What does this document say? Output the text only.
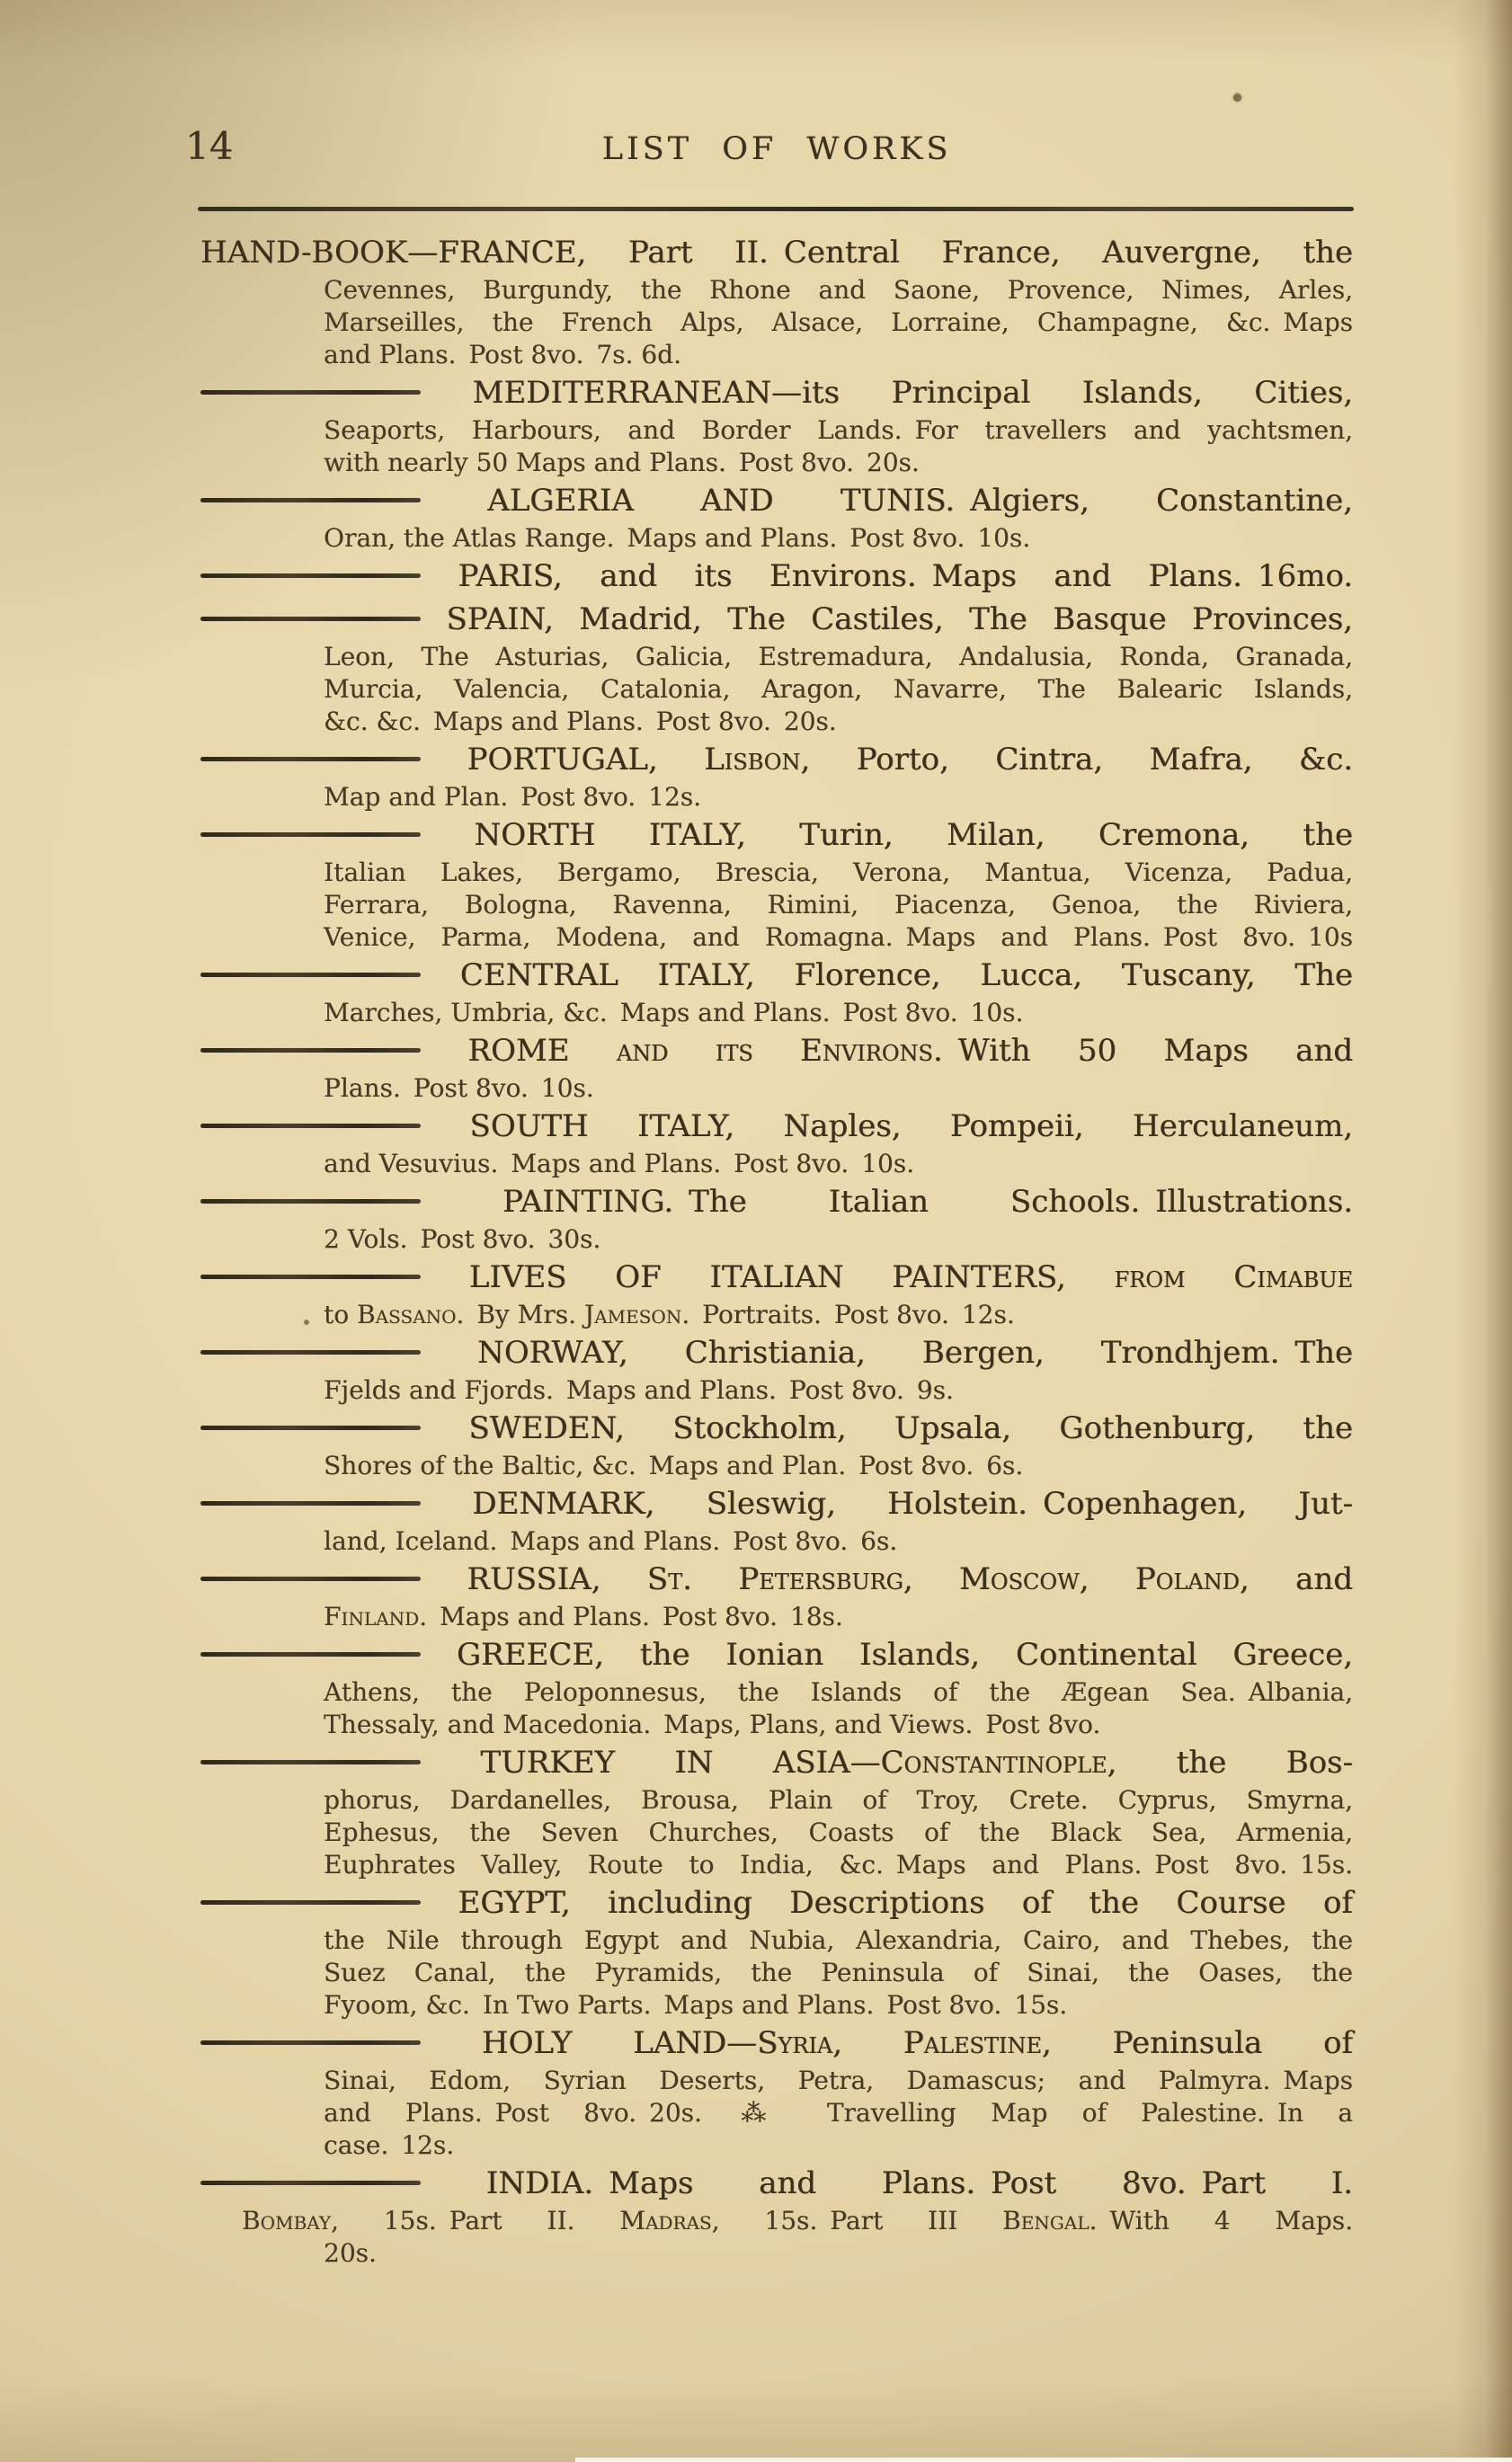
14	LIST OF WORKS
HAND-BOOK—FRANCE, Part II. Central France, Auvergne, the
Cevennes, Burgundy, the Rhone and Saone, Provence, Nimes, Arles,
Marseilles, the French Alps, Alsace, Lorraine, Champagne, &c. Maps
and Plans. Post 8vo. 7s. 6d.
MEDITERRANEAN—its Principal Islands, Cities,
Seaports, Harbours, and Border Lands. For travellers and yachtsmen,
with nearly 50 Maps and Plans. Post 8vo. 20s.
ALGERIA AND TUNIS. Algiers, Constantine,
Oran, the Atlas Range. Maps and Plans. Post 8vo. 10s.
PARIS, and its Environs. Maps and Plans. 16mo.
SPAIN, Madrid, The Castiles, The Basque Provinces,
Leon, The Asturias, Galicia, Estremadura, Andalusia, Ronda, Granada,
Murcia, Valencia, Catalonia, Aragon, Navarre, The Balearic Islands,
&c. &c. Maps and Plans. Post 8vo. 20s.
PORTUGAL, Lisbon, Porto, Cintra, Mafra, &c.
Map and Plan. Post 8vo. 12s.
NORTH ITALY, Turin, Milan, Cremona, the
Italian Lakes, Bergamo, Brescia, Verona, Mantua, Vicenza, Padua,
Ferrara, Bologna, Ravenna, Rimini, Piacenza, Genoa, the Riviera,
Venice, Parma, Modena, and Romagna. Maps and Plans. Post 8vo. 10s
CENTRAL ITALY, Florence, Lucca, Tuscany, The
Marches, Umbria, &c. Maps and Plans. Post 8vo. 10s.
ROME and its Environs. With 50 Maps and
Plans. Post 8vo. 10s.
SOUTH ITALY, Naples, Pompeii, Herculaneum,
and Vesuvius. Maps and Plans. Post 8vo. 10s.
PAINTING. The Italian Schools. Illustrations.
2 Vols. Post 8vo. 30s.
LIVES OF ITALIAN PAINTERS, from Cimabue
to Bassano. By Mrs. Jameson. Portraits. Post 8vo. 12s.
NORWAY, Christiania, Bergen, Trondhjem. The
Fjelds and Fjords. Maps and Plans. Post 8vo. 9s.
SWEDEN, Stockholm, Upsala, Gothenburg, the
Shores of the Baltic, &c. Maps and Plan. Post 8vo. 6s.
DENMARK, Sleswig, Holstein. Copenhagen, Jut-
land, Iceland. Maps and Plans. Post 8vo. 6s.
RUSSIA, St. Petersburg, Moscow, Poland, and
Finland. Maps and Plans. Post 8vo. 18s.
GREECE, the Ionian Islands, Continental Greece,
Athens, the Peloponnesus, the Islands of the Ægean Sea. Albania,
Thessaly, and Macedonia. Maps, Plans, and Views. Post 8vo.
TURKEY IN ASIA—Constantinople, the Bos-
phorus, Dardanelles, Brousa, Plain of Troy, Crete. Cyprus, Smyrna,
Ephesus, the Seven Churches, Coasts of the Black Sea, Armenia,
Euphrates Valley, Route to India, &c. Maps and Plans. Post 8vo. 15s.
EGYPT, including Descriptions of the Course of
the Nile through Egypt and Nubia, Alexandria, Cairo, and Thebes, the
Suez Canal, the Pyramids, the Peninsula of Sinai, the Oases, the
Fyoom, &c. In Two Parts. Maps and Plans. Post 8vo. 15s.
HOLY LAND—Syria, Palestine, Peninsula of
Sinai, Edom, Syrian Deserts, Petra, Damascus; and Palmyra. Maps
and Plans. Post 8vo. 20s. ⁂ Travelling Map of Palestine. In a
case. 12s.
INDIA. Maps and Plans. Post 8vo. Part I.
Bombay, 15s. Part II. Madras, 15s. Part III Bengal. With 4 Maps.
20s.
